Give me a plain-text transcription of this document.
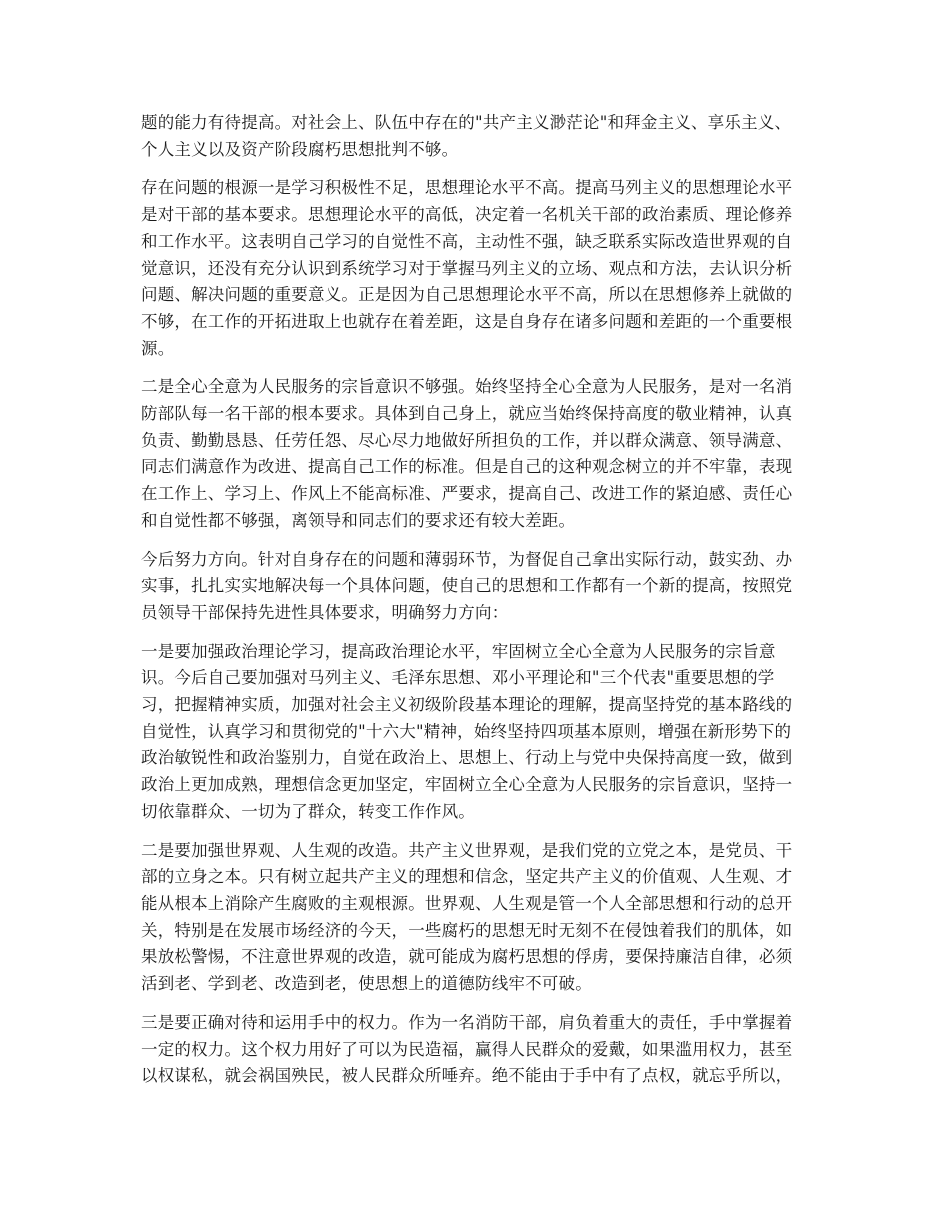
题的能力有待提高。对社会上、队伍中存在的"共产主义渺茫论"和拜金主义、享乐主义、
个人主义以及资产阶段腐朽思想批判不够。

存在问题的根源一是学习积极性不足，思想理论水平不高。提高马列主义的思想理论水平
是对干部的基本要求。思想理论水平的高低，决定着一名机关干部的政治素质、理论修养
和工作水平。这表明自己学习的自觉性不高，主动性不强，缺乏联系实际改造世界观的自
觉意识，还没有充分认识到系统学习对于掌握马列主义的立场、观点和方法，去认识分析
问题、解决问题的重要意义。正是因为自己思想理论水平不高，所以在思想修养上就做的
不够，在工作的开拓进取上也就存在着差距，这是自身存在诸多问题和差距的一个重要根
源。

二是全心全意为人民服务的宗旨意识不够强。始终坚持全心全意为人民服务，是对一名消
防部队每一名干部的根本要求。具体到自己身上，就应当始终保持高度的敬业精神，认真
负责、勤勤恳恳、任劳任怨、尽心尽力地做好所担负的工作，并以群众满意、领导满意、
同志们满意作为改进、提高自己工作的标准。但是自己的这种观念树立的并不牢靠，表现
在工作上、学习上、作风上不能高标准、严要求，提高自己、改进工作的紧迫感、责任心
和自觉性都不够强，离领导和同志们的要求还有较大差距。

今后努力方向。针对自身存在的问题和薄弱环节，为督促自己拿出实际行动，鼓实劲、办
实事，扎扎实实地解决每一个具体问题，使自己的思想和工作都有一个新的提高，按照党
员领导干部保持先进性具体要求，明确努力方向：

一是要加强政治理论学习，提高政治理论水平，牢固树立全心全意为人民服务的宗旨意
识。今后自己要加强对马列主义、毛泽东思想、邓小平理论和"三个代表"重要思想的学
习，把握精神实质，加强对社会主义初级阶段基本理论的理解，提高坚持党的基本路线的
自觉性，认真学习和贯彻党的"十六大"精神，始终坚持四项基本原则，增强在新形势下的
政治敏锐性和政治鉴别力，自觉在政治上、思想上、行动上与党中央保持高度一致，做到
政治上更加成熟，理想信念更加坚定，牢固树立全心全意为人民服务的宗旨意识，坚持一
切依靠群众、一切为了群众，转变工作作风。

二是要加强世界观、人生观的改造。共产主义世界观，是我们党的立党之本，是党员、干
部的立身之本。只有树立起共产主义的理想和信念，坚定共产主义的价值观、人生观、才
能从根本上消除产生腐败的主观根源。世界观、人生观是管一个人全部思想和行动的总开
关，特别是在发展市场经济的今天，一些腐朽的思想无时无刻不在侵蚀着我们的肌体，如
果放松警惕，不注意世界观的改造，就可能成为腐朽思想的俘虏，要保持廉洁自律，必须
活到老、学到老、改造到老，使思想上的道德防线牢不可破。

三是要正确对待和运用手中的权力。作为一名消防干部，肩负着重大的责任，手中掌握着
一定的权力。这个权力用好了可以为民造福，赢得人民群众的爱戴，如果滥用权力，甚至
以权谋私，就会祸国殃民，被人民群众所唾弃。绝不能由于手中有了点权，就忘乎所以，
